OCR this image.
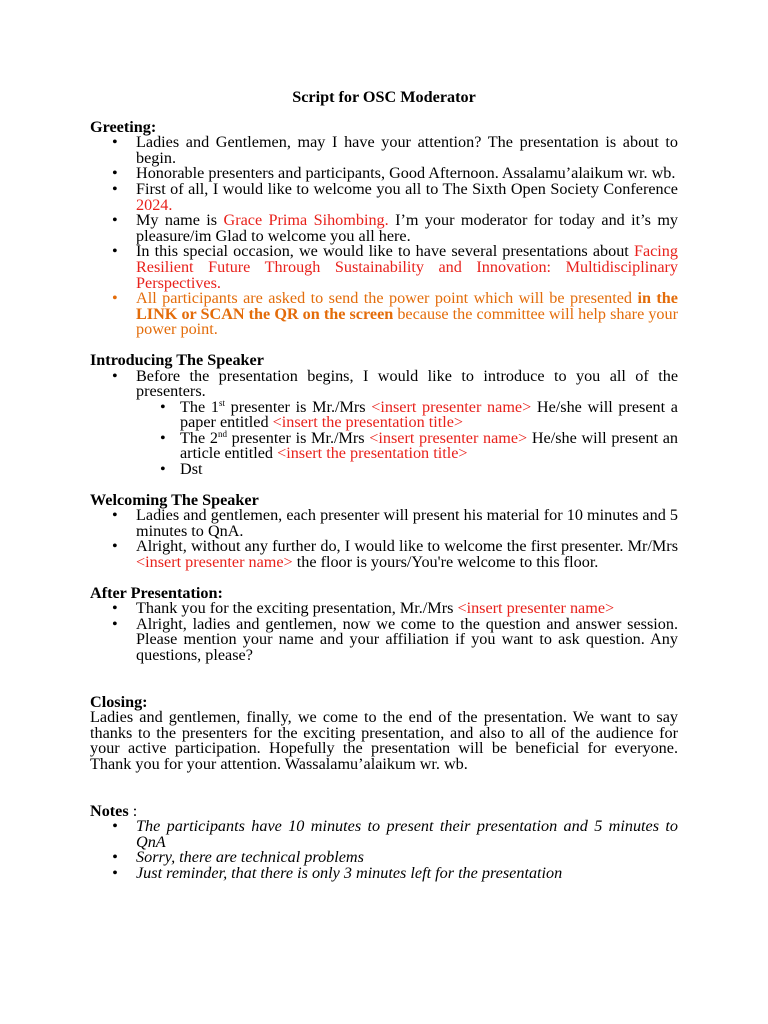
Script for OSC Moderator
Greeting:
• Ladies and Gentlemen, may I have your attention? The presentation is about to begin.
• Honorable presenters and participants, Good Afternoon. Assalamu’alaikum wr. wb.
• First of all, I would like to welcome you all to The Sixth Open Society Conference 2024.
• My name is Grace Prima Sihombing. I’m your moderator for today and it’s my pleasure/im Glad to welcome you all here.
• In this special occasion, we would like to have several presentations about Facing Resilient Future Through Sustainability and Innovation: Multidisciplinary Perspectives.
• All participants are asked to send the power point which will be presented in the LINK or SCAN the QR on the screen because the committee will help share your power point.
Introducing The Speaker
• Before the presentation begins, I would like to introduce to you all of the presenters.
• The 1st presenter is Mr./Mrs <insert presenter name> He/she will present a paper entitled <insert the presentation title>
• The 2nd presenter is Mr./Mrs <insert presenter name> He/she will present an article entitled <insert the presentation title>
• Dst
Welcoming The Speaker
• Ladies and gentlemen, each presenter will present his material for 10 minutes and 5 minutes to QnA.
• Alright, without any further do, I would like to welcome the first presenter. Mr/Mrs <insert presenter name> the floor is yours/You're welcome to this floor.
After Presentation:
• Thank you for the exciting presentation, Mr./Mrs <insert presenter name>
• Alright, ladies and gentlemen, now we come to the question and answer session. Please mention your name and your affiliation if you want to ask question. Any questions, please?
Closing:

Ladies and gentlemen, finally, we come to the end of the presentation. We want to say thanks to the presenters for the exciting presentation, and also to all of the audience for your active participation. Hopefully the presentation will be beneficial for everyone. Thank you for your attention. Wassalamu’alaikum wr. wb.

Notes :
• The participants have 10 minutes to present their presentation and 5 minutes to QnA
• Sorry, there are technical problems
• Just reminder, that there is only 3 minutes left for the presentation
